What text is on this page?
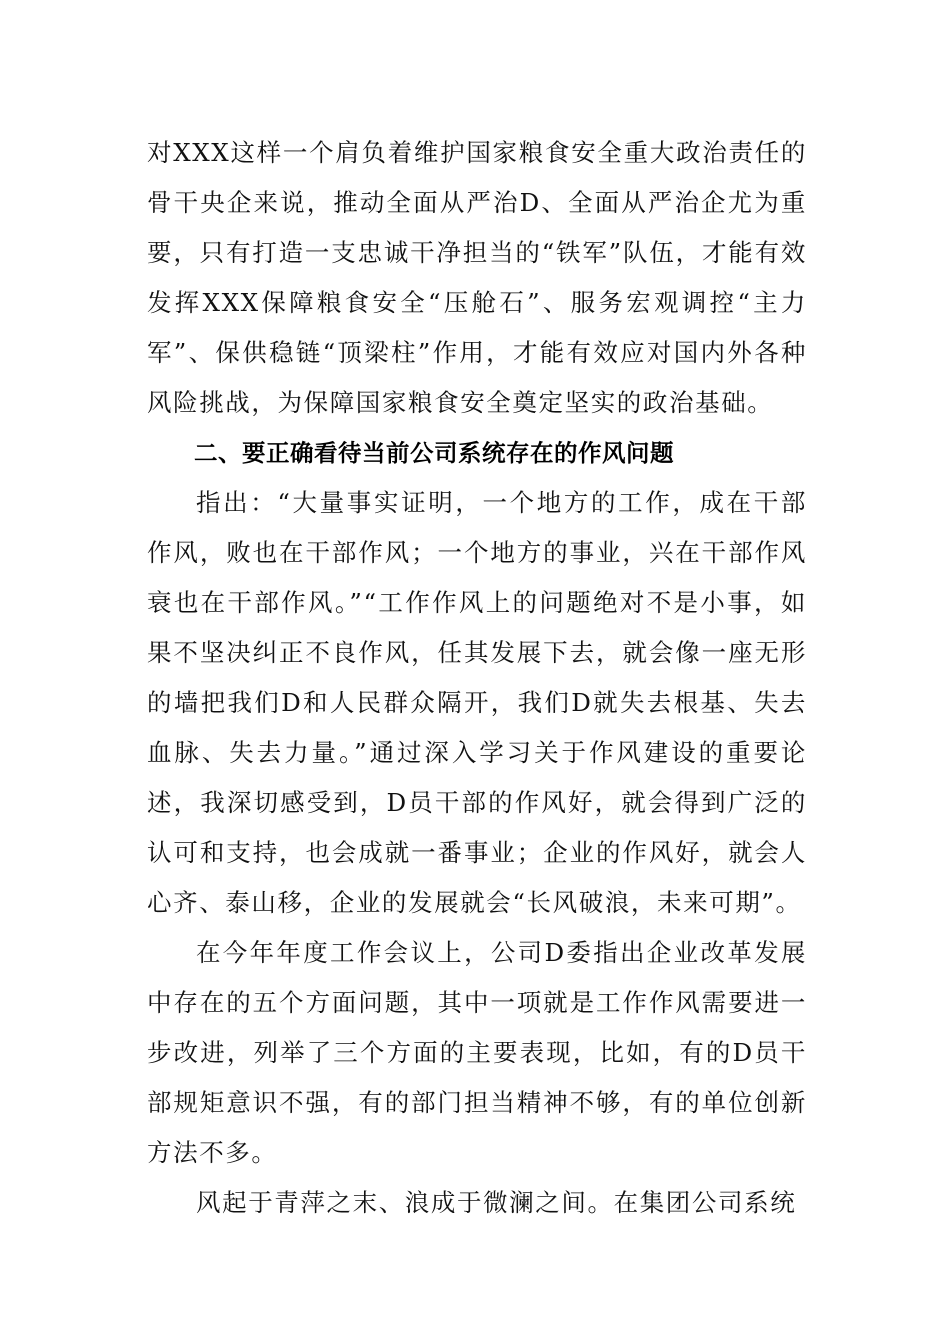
对XXX这样一个肩负着维护国家粮食安全重大政治责任的骨干央企来说，推动全面从严治D、全面从严治企尤为重要，只有打造一支忠诚干净担当的“铁军”队伍，才能有效发挥XXX保障粮食安全“压舱石”、服务宏观调控“主力军”、保供稳链“顶梁柱”作用，才能有效应对国内外各种风险挑战，为保障国家粮食安全奠定坚实的政治基础。

二、要正确看待当前公司系统存在的作风问题

指出：“大量事实证明，一个地方的工作，成在干部作风，败也在干部作风；一个地方的事业，兴在干部作风衰也在干部作风。”“工作作风上的问题绝对不是小事，如果不坚决纠正不良作风，任其发展下去，就会像一座无形的墙把我们D和人民群众隔开，我们D就失去根基、失去血脉、失去力量。”通过深入学习关于作风建设的重要论述，我深切感受到，D员干部的作风好，就会得到广泛的认可和支持，也会成就一番事业；企业的作风好，就会人心齐、泰山移，企业的发展就会“长风破浪，未来可期”。

在今年年度工作会议上，公司D委指出企业改革发展中存在的五个方面问题，其中一项就是工作作风需要进一步改进，列举了三个方面的主要表现，比如，有的D员干部规矩意识不强，有的部门担当精神不够，有的单位创新方法不多。

风起于青萍之末、浪成于微澜之间。在集团公司系统
